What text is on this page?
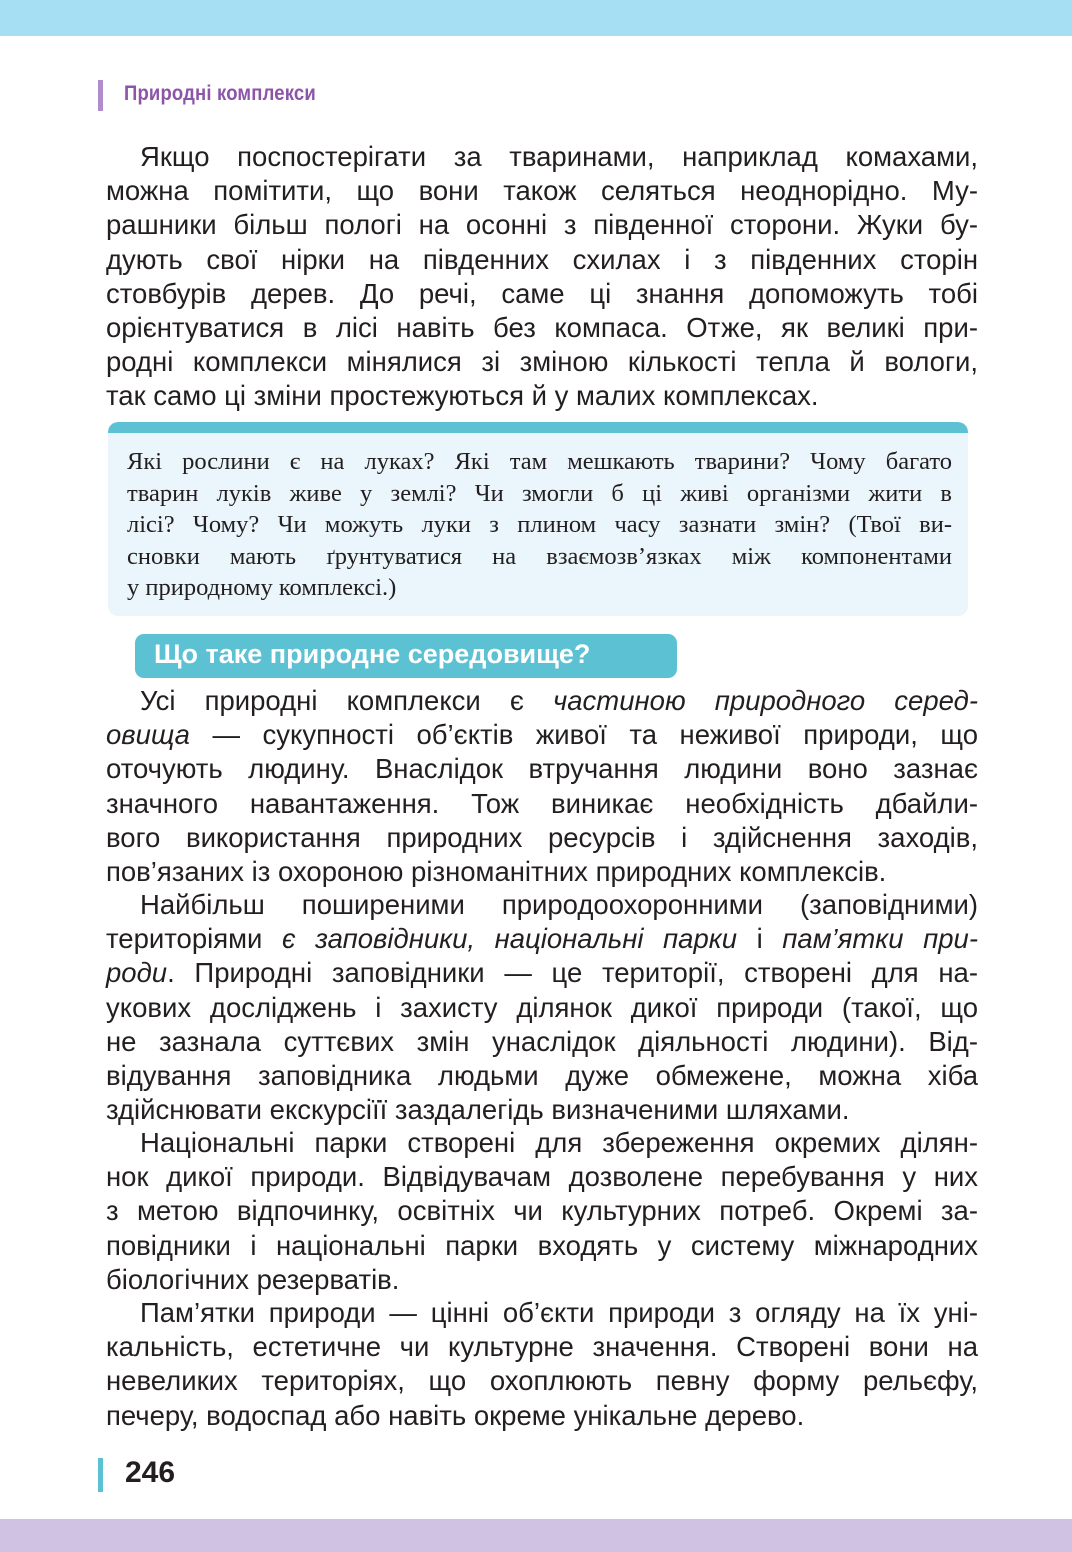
Природні комплекси
Якщо поспостерігати за тваринами, наприклад комахами,
можна помітити, що вони також селяться неоднорідно. Му-
рашники більш пологі на осонні з південної сторони. Жуки бу-
дують свої нірки на південних схилах і з південних сторін
стовбурів дерев. До речі, саме ці знання допоможуть тобі
орієнтуватися в лісі навіть без компаса. Отже, як великі при-
родні комплекси мінялися зі зміною кількості тепла й вологи,
так само ці зміни простежуються й у малих комплексах.
Які рослини є на луках? Які там мешкають тварини? Чому багато
тварин луків живе у землі? Чи змогли б ці живі організми жити в
лісі? Чому? Чи можуть луки з плином часу зазнати змін? (Твої ви-
сновки мають ґрунтуватися на взаємозв’язках між компонентами
у природному комплексі.)
Що таке природне середовище?
Усі природні комплекси є частиною природного серед-
овища — сукупності об’єктів живої та неживої природи, що
оточують людину. Внаслідок втручання людини воно зазнає
значного навантаження. Тож виникає необхідність дбайли-
вого використання природних ресурсів і здійснення заходів,
пов’язаних із охороною різноманітних природних комплексів.
Найбільш поширеними природоохоронними (заповідними)
територіями є заповідники, національні парки і пам’ятки при-
роди. Природні заповідники — це території, створені для на-
укових досліджень і захисту ділянок дикої природи (такої, що
не зазнала суттєвих змін унаслідок діяльності людини). Від-
відування заповідника людьми дуже обмежене, можна хіба
здійснювати екскурсіїї заздалегідь визначеними шляхами.
Національні парки створені для збереження окремих ділян-
нок дикої природи. Відвідувачам дозволене перебування у них
з метою відпочинку, освітніх чи культурних потреб. Окремі за-
повідники і національні парки входять у систему міжнародних
біологічних резерватів.
Пам’ятки природи — цінні об’єкти природи з огляду на їх уні-
кальність, естетичне чи культурне значення. Створені вони на
невеликих територіях, що охоплюють певну форму рельєфу,
печеру, водоспад або навіть окреме унікальне дерево.
246
